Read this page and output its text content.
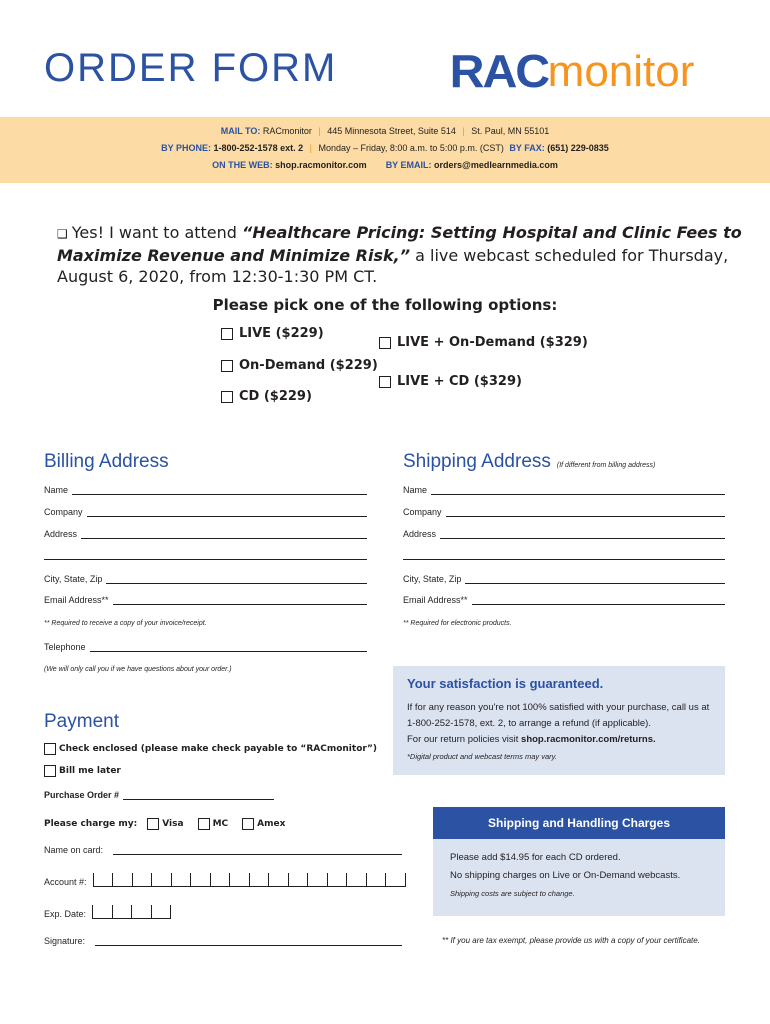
ORDER FORM RAC monitor
MAIL TO: RACmonitor | 445 Minnesota Street, Suite 514 | St. Paul, MN 55101
BY PHONE: 1-800-252-1578 ext. 2 | Monday – Friday, 8:00 a.m. to 5:00 p.m. (CST) BY FAX: (651) 229-0835
ON THE WEB: shop.racmonitor.com BY EMAIL: orders@medlearnmedia.com
❑ Yes! I want to attend “Healthcare Pricing: Setting Hospital and Clinic Fees to Maximize Revenue and Minimize Risk,” a live webcast scheduled for Thursday, August 6, 2020, from 12:30-1:30 PM CT.
Please pick one of the following options:
LIVE ($229)
LIVE + On-Demand ($329)
On-Demand ($229)
LIVE + CD ($329)
CD ($229)
Billing Address
Name
Company
Address
City, State, Zip
Email Address**
** Required to receive a copy of your invoice/receipt.
Telephone
(We will only call you if we have questions about your order.)
Shipping Address (If different from billing address)
Name
Company
Address
City, State, Zip
Email Address**
** Required for electronic products.
Your satisfaction is guaranteed.
If for any reason you're not 100% satisfied with your purchase, call us at 1-800-252-1578, ext. 2, to arrange a refund (if applicable).
For our return policies visit shop.racmonitor.com/returns.
*Digital product and webcast terms may vary.
Payment
Check enclosed (please make check payable to “RACmonitor”)
Bill me later
Purchase Order #
Please charge my:	Visa	MC	Amex
Name on card:
Account #:
Exp. Date:
Signature:
Shipping and Handling Charges
Please add $14.95 for each CD ordered.
No shipping charges on Live or On-Demand webcasts.
Shipping costs are subject to change.
** If you are tax exempt, please provide us with a copy of your certificate.
